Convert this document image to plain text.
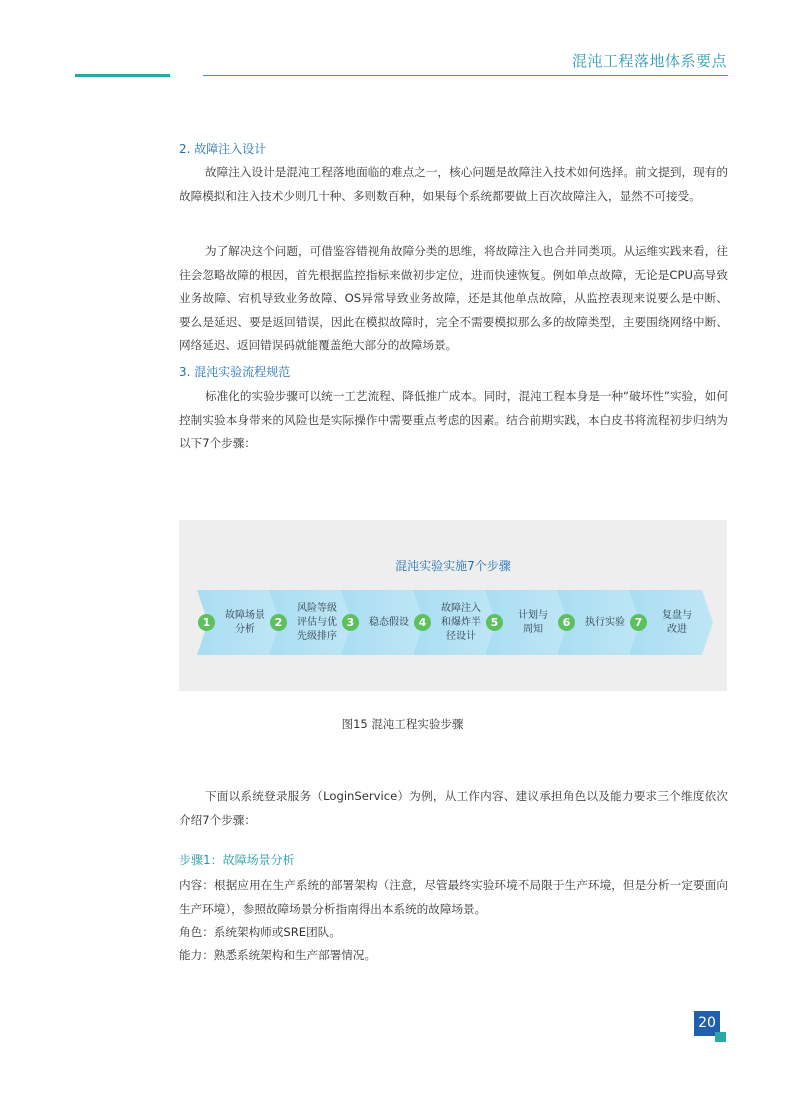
混沌工程落地体系要点
2. 故障注入设计

故障注入设计是混沌工程落地面临的难点之一，核心问题是故障注入技术如何选择。前文提到，现有的故障模拟和注入技术少则几十种、多则数百种，如果每个系统都要做上百次故障注入，显然不可接受。

为了解决这个问题，可借鉴容错视角故障分类的思维，将故障注入也合并同类项。从运维实践来看，往往会忽略故障的根因，首先根据监控指标来做初步定位，进而快速恢复。例如单点故障，无论是CPU高导致业务故障、宕机导致业务故障、OS异常导致业务故障，还是其他单点故障，从监控表现来说要么是中断、要么是延迟、要是返回错误，因此在模拟故障时，完全不需要模拟那么多的故障类型，主要围绕网络中断、网络延迟、返回错误码就能覆盖绝大部分的故障场景。

3. 混沌实验流程规范

标准化的实验步骤可以统一工艺流程、降低推广成本。同时，混沌工程本身是一种“破坏性”实验，如何控制实验本身带来的风险也是实际操作中需要重点考虑的因素。结合前期实践，本白皮书将流程初步归纳为以下7个步骤：

混沌实验实施7个步骤
1
故障场景
分析	2
风险等级
评估与优
先级排序
3	稳态假设 4
故障注入
和爆炸半
径设计
5
计划与
周知	6	执行实验 7
复盘与
改进
图15 混沌工程实验步骤

下面以系统登录服务（LoginService）为例，从工作内容、建议承担角色以及能力要求三个维度依次介绍7个步骤：

步骤1：故障场景分析

内容：根据应用在生产系统的部署架构（注意，尽管最终实验环境不局限于生产环境，但是分析一定要面向生产环境），参照故障场景分析指南得出本系统的故障场景。

角色：系统架构师或SRE团队。

能力：熟悉系统架构和生产部署情况。

20
